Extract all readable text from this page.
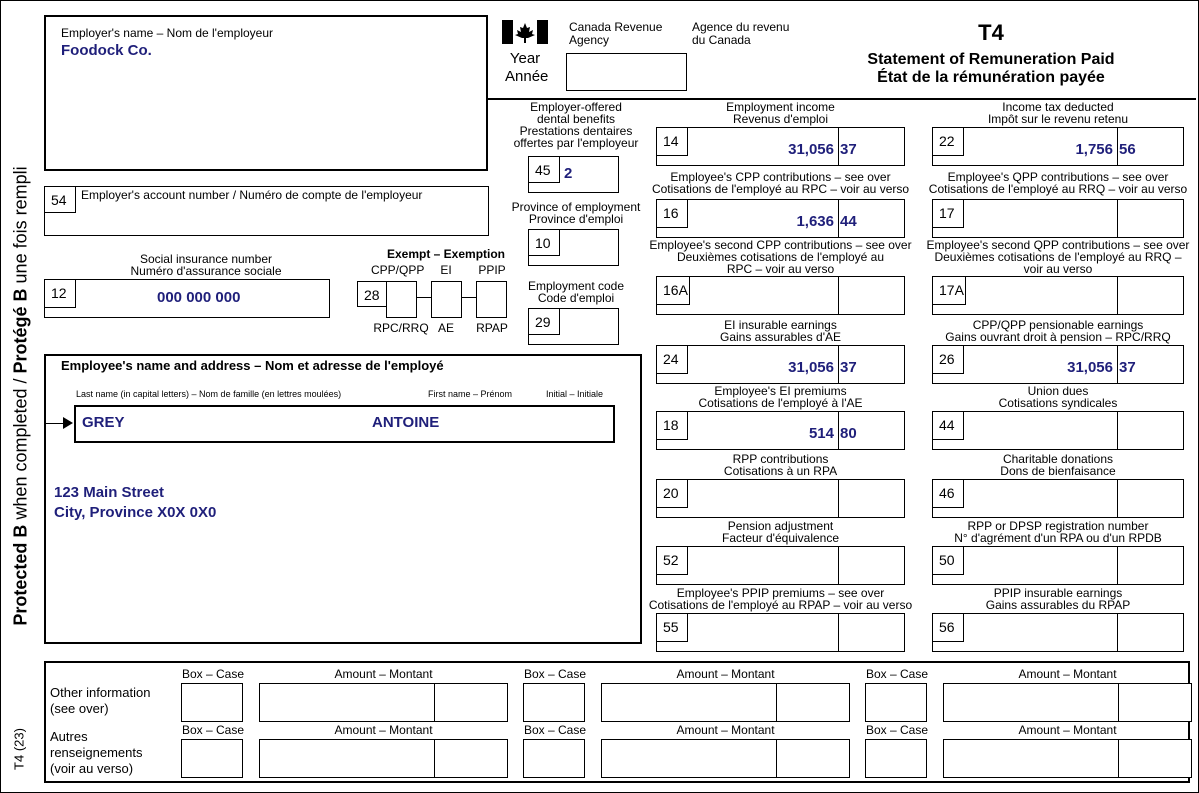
Protected B when completed / Protégé B une fois rempli
T4 (23)
Employer's name – Nom de l'employeur
Foodock Co.	Year
Année
Canada Revenue
Agency
Agence du revenu
du Canada	T4
Statement of Remuneration Paid
État de la rémunération payée
54 Employer's account number / Numéro de compte de l'employeur
Employer-offered
dental benefits
Prestations dentaires
offertes par l'employeur
45 2
Province of employment
Province d'emploi
10
Employment code
Code d'emploi
29
Social insurance number
Numéro d'assurance sociale
12	000 000 000
Exempt – Exemption
CPP/QPP	EI	PPIP
28
RPC/RRQ AE	RPAP
Employee's name and address – Nom et adresse de l'employé
Last name (in capital letters) – Nom de famille (en lettres moulées)	First name – Prénom	Initial – Initiale
GREY	ANTOINE
123 Main Street
City, Province X0X 0X0
Employment income
Revenus d'emploi
31,056 37
14
Income tax deducted
Impôt sur le revenu retenu
1,756 56
22
Employee's CPP contributions – see over
Cotisations de l'employé au RPC – voir au verso
1,636 44
16
Employee's QPP contributions – see over
Cotisations de l'employé au RRQ – voir au verso
17
Employee's second CPP contributions – see over
Deuxièmes cotisations de l'employé au
RPC – voir au verso
16A
Employee's second QPP contributions – see over
Deuxièmes cotisations de l'employé au RRQ –
voir au verso
17A
EI insurable earnings
Gains assurables d'AE
31,056 37
24
CPP/QPP pensionable earnings
Gains ouvrant droit à pension – RPC/RRQ
31,056 37
26
Employee's EI premiums
Cotisations de l'employé à l'AE
514 80
18
Union dues
Cotisations syndicales
44
RPP contributions
Cotisations à un RPA
20
Charitable donations
Dons de bienfaisance
46
Pension adjustment
Facteur d'équivalence
52
RPP or DPSP registration number
N° d'agrément d'un RPA ou d'un RPDB
50
Employee's PPIP premiums – see over
Cotisations de l'employé au RPAP – voir au verso
55
PPIP insurable earnings
Gains assurables du RPAP
56
Other information
(see over)
Autres
renseignements
(voir au verso)
Box – Case	Amount – Montant	Box – Case	Amount – Montant	Box – Case	Amount – Montant
Box – Case	Amount – Montant	Box – Case	Amount – Montant	Box – Case	Amount – Montant
